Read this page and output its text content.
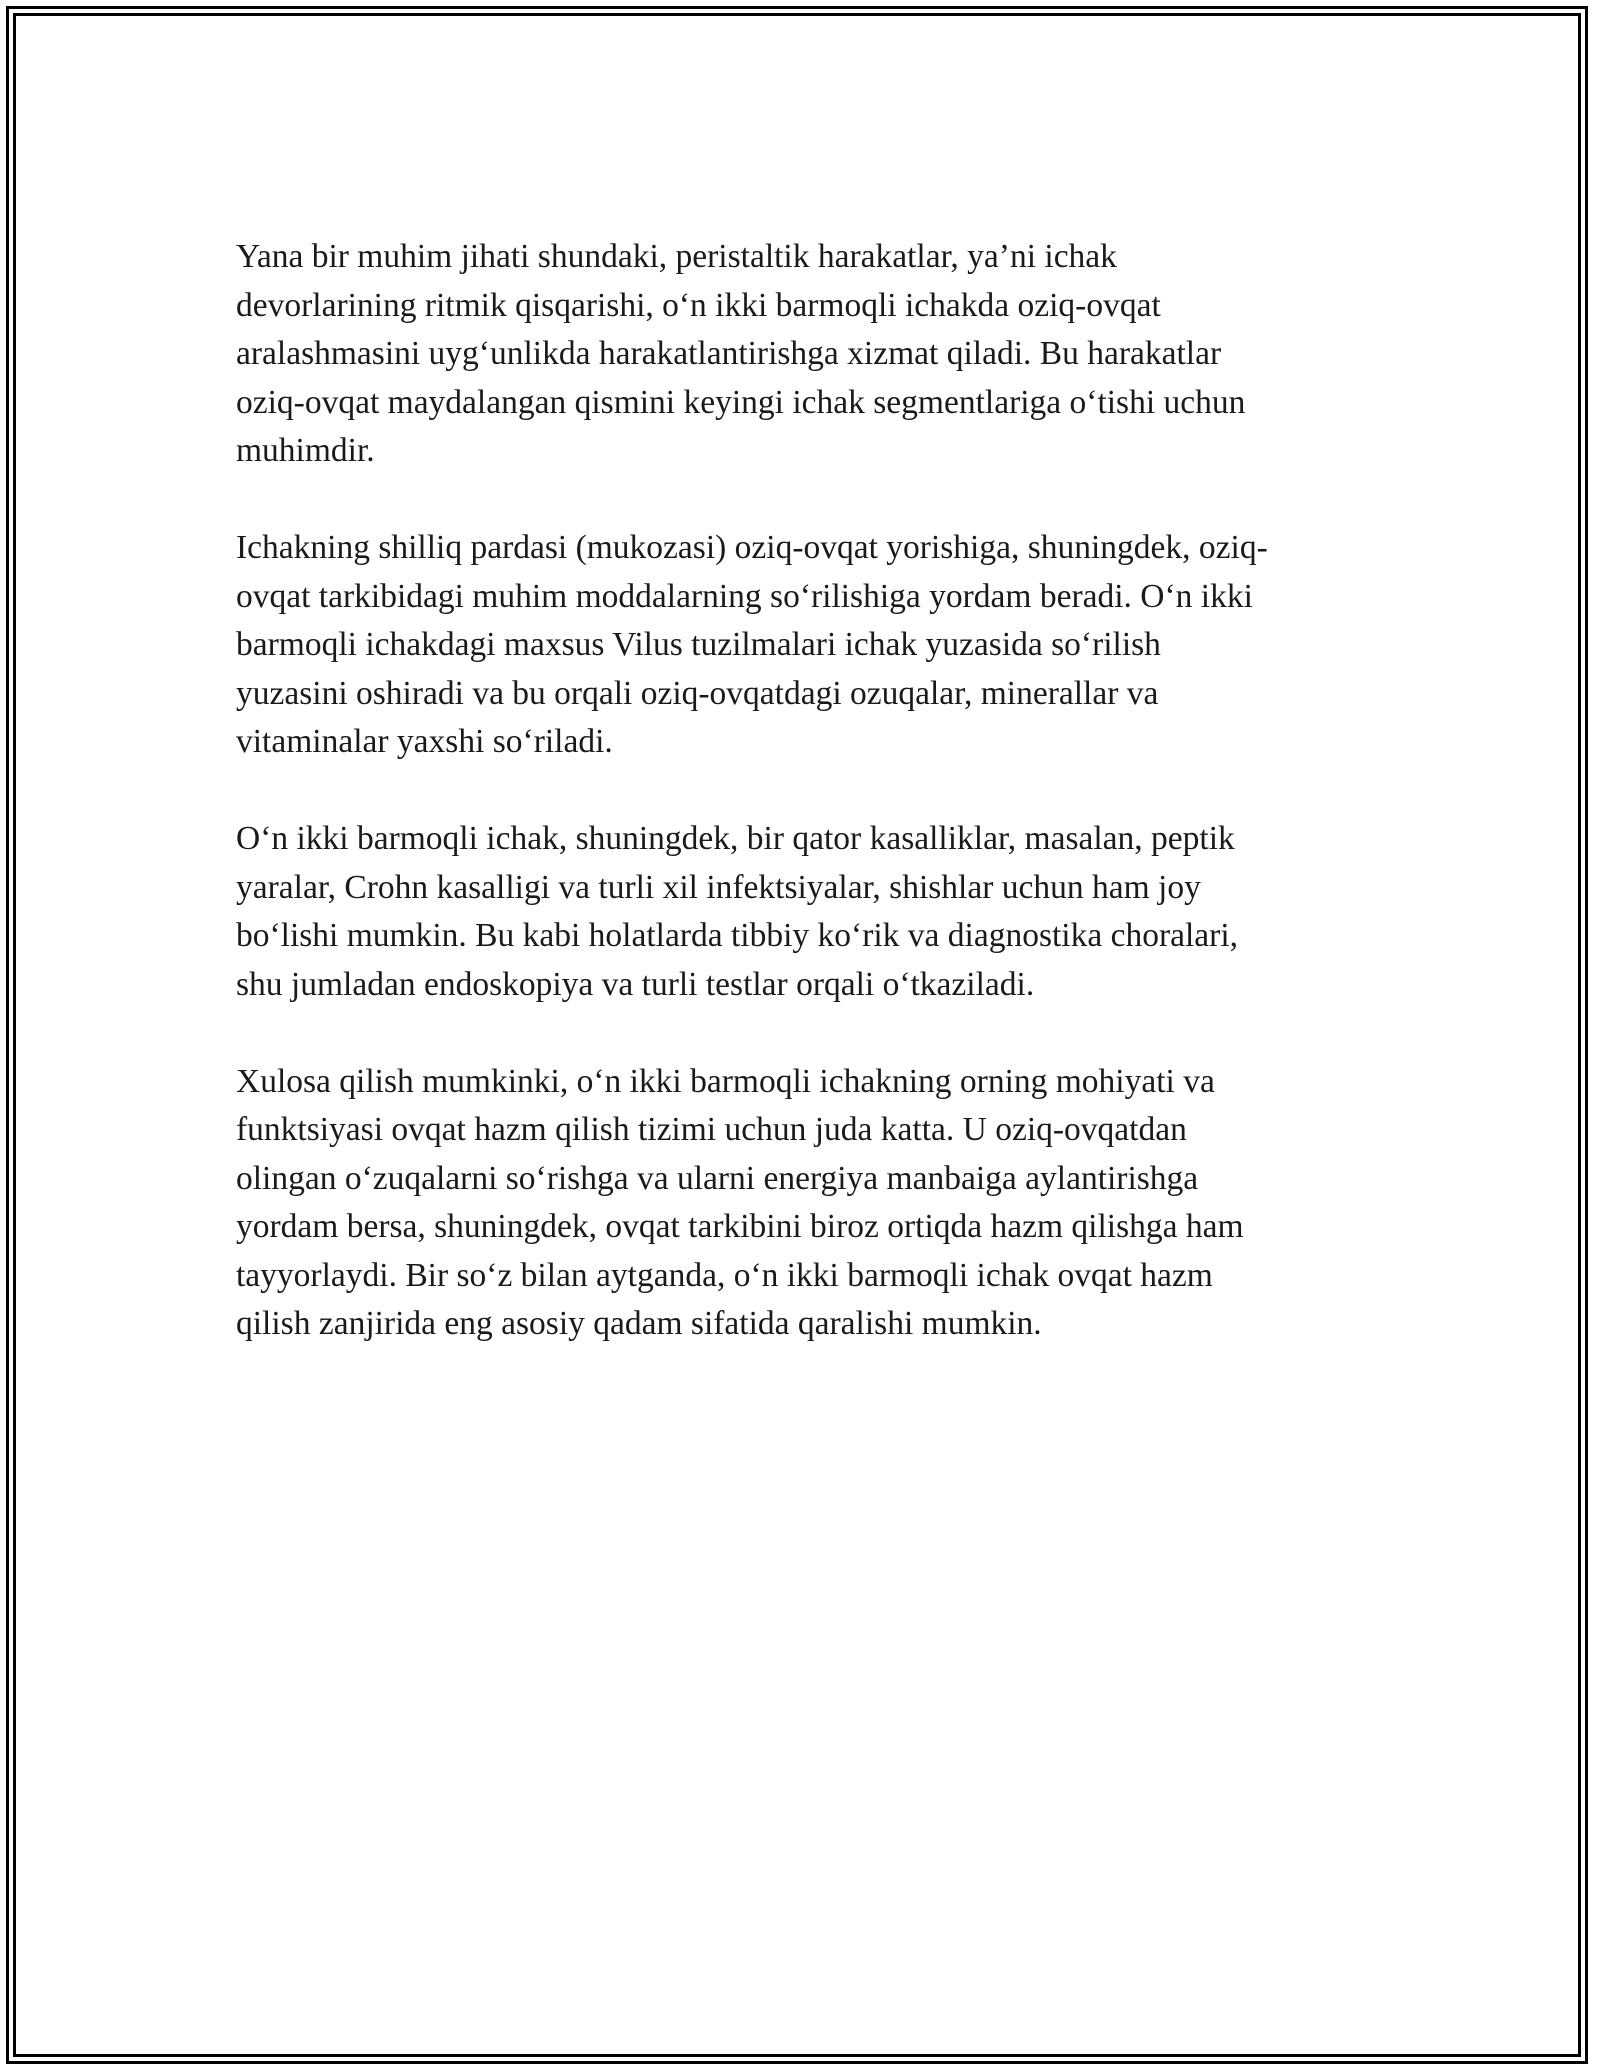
Yana bir muhim jihati shundaki, peristaltik harakatlar, ya’ni ichak
devorlarining ritmik qisqarishi, o‘n ikki barmoqli ichakda oziq-ovqat
aralashmasini uyg‘unlikda harakatlantirishga xizmat qiladi. Bu harakatlar
oziq-ovqat maydalangan qismini keyingi ichak segmentlariga o‘tishi uchun
muhimdir.

Ichakning shilliq pardasi (mukozasi) oziq-ovqat yorishiga, shuningdek, oziq-
ovqat tarkibidagi muhim moddalarning so‘rilishiga yordam beradi. O‘n ikki
barmoqli ichakdagi maxsus Vilus tuzilmalari ichak yuzasida so‘rilish
yuzasini oshiradi va bu orqali oziq-ovqatdagi ozuqalar, minerallar va
vitaminalar yaxshi so‘riladi.

O‘n ikki barmoqli ichak, shuningdek, bir qator kasalliklar, masalan, peptik
yaralar, Crohn kasalligi va turli xil infektsiyalar, shishlar uchun ham joy
bo‘lishi mumkin. Bu kabi holatlarda tibbiy ko‘rik va diagnostika choralari,
shu jumladan endoskopiya va turli testlar orqali o‘tkaziladi.

Xulosa qilish mumkinki, o‘n ikki barmoqli ichakning orning mohiyati va
funktsiyasi ovqat hazm qilish tizimi uchun juda katta. U oziq-ovqatdan
olingan o‘zuqalarni so‘rishga va ularni energiya manbaiga aylantirishga
yordam bersa, shuningdek, ovqat tarkibini biroz ortiqda hazm qilishga ham
tayyorlaydi. Bir so‘z bilan aytganda, o‘n ikki barmoqli ichak ovqat hazm
qilish zanjirida eng asosiy qadam sifatida qaralishi mumkin.
